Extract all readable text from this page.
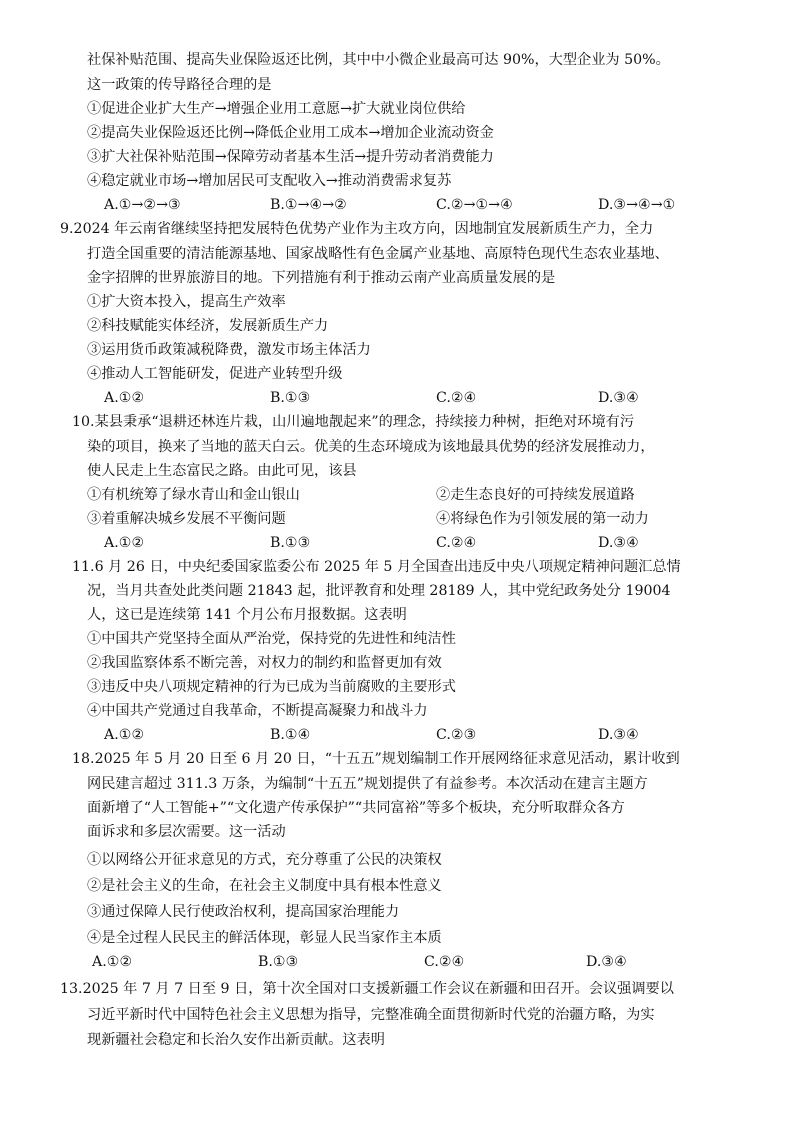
社保补贴范围、提高失业保险返还比例，其中中小微企业最高可达 90%，大型企业为 50%。
这一政策的传导路径合理的是
①促进企业扩大生产→增强企业用工意愿→扩大就业岗位供给
②提高失业保险返还比例→降低企业用工成本→增加企业流动资金
③扩大社保补贴范围→保障劳动者基本生活→提升劳动者消费能力
④稳定就业市场→增加居民可支配收入→推动消费需求复苏
A.①→②→③	B.①→④→②	C.②→①→④	D.③→④→①
9.2024 年云南省继续坚持把发展特色优势产业作为主攻方向，因地制宜发展新质生产力，全力
打造全国重要的清洁能源基地、国家战略性有色金属产业基地、高原特色现代生态农业基地、
金字招牌的世界旅游目的地。下列措施有利于推动云南产业高质量发展的是
①扩大资本投入，提高生产效率
②科技赋能实体经济，发展新质生产力
③运用货币政策减税降费，激发市场主体活力
④推动人工智能研发，促进产业转型升级
A.①②	B.①③	C.②④	D.③④
10.某县秉承“退耕还林连片栽，山川遍地靓起来”的理念，持续接力种树，拒绝对环境有污
染的项目，换来了当地的蓝天白云。优美的生态环境成为该地最具优势的经济发展推动力，
使人民走上生态富民之路。由此可见，该县
①有机统筹了绿水青山和金山银山	②走生态良好的可持续发展道路
③着重解决城乡发展不平衡问题	④将绿色作为引领发展的第一动力
A.①②	B.①③	C.②④	D.③④
11.6 月 26 日，中央纪委国家监委公布 2025 年 5 月全国查出违反中央八项规定精神问题汇总情
况，当月共查处此类问题 21843 起，批评教育和处理 28189 人，其中党纪政务处分 19004
人，这已是连续第 141 个月公布月报数据。这表明
①中国共产党坚持全面从严治党，保持党的先进性和纯洁性
②我国监察体系不断完善，对权力的制约和监督更加有效
③违反中央八项规定精神的行为已成为当前腐败的主要形式
④中国共产党通过自我革命，不断提高凝聚力和战斗力
A.①②	B.①④	C.②③	D.③④
18.2025 年 5 月 20 日至 6 月 20 日，“十五五”规划编制工作开展网络征求意见活动，累计收到
网民建言超过 311.3 万条，为编制“十五五”规划提供了有益参考。本次活动在建言主题方
面新增了“人工智能+”“文化遗产传承保护”“共同富裕”等多个板块，充分听取群众各方
面诉求和多层次需要。这一活动
①以网络公开征求意见的方式，充分尊重了公民的决策权
②是社会主义的生命，在社会主义制度中具有根本性意义
③通过保障人民行使政治权利，提高国家治理能力
④是全过程人民民主的鲜活体现，彰显人民当家作主本质
A.①②	B.①③	C.②④	D.③④
13.2025 年 7 月 7 日至 9 日，第十次全国对口支援新疆工作会议在新疆和田召开。会议强调要以
习近平新时代中国特色社会主义思想为指导，完整准确全面贯彻新时代党的治疆方略，为实
现新疆社会稳定和长治久安作出新贡献。这表明
